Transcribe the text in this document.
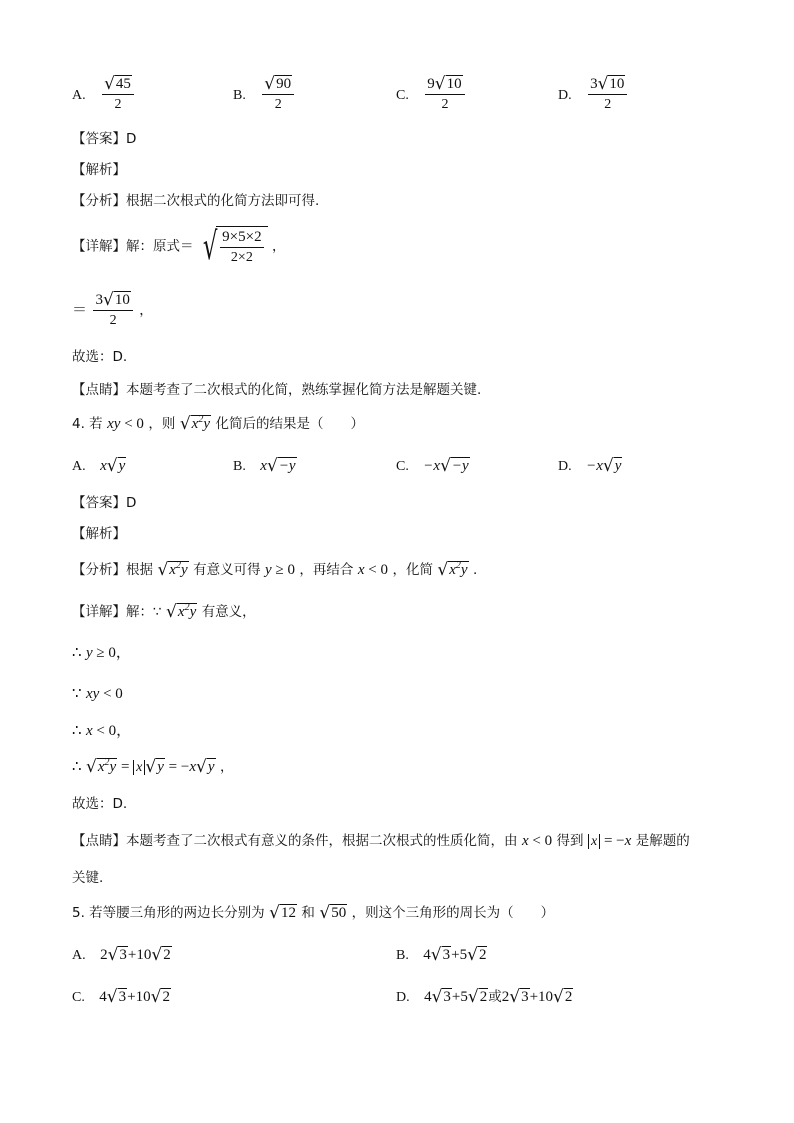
A. $\frac{√ 45}{2}$	B. $\frac{√ 90}{2}$	C. $\frac{9 √ 10}{2}$	D. $\frac{3 √ 10}{2}$
【答案】D
【解析】
【分析】根据二次根式的化简方法即可得.
【详解】解：原式＝ √ $\frac{9\times 5\times 2}{2\times 2}$ ，
＝ $\frac{3 √ 10}{2}$ ，
故选：D.
【点睛】本题考查了二次根式的化简，熟练掌握化简方法是解题关键.
4. 若 xy < 0 ，则 √ $x^2y$ 化简后的结果是（　　）
A. x √ y	B. x √ −y	C. −x √ −y	D. −x √ y
【答案】D
【解析】
【分析】根据 √ $x^2y$ 有意义可得 y ≥ 0 ，再结合 x < 0 ，化简 √ $x^2y$ .
【详解】解：∵ √ $x^2y$ 有意义，
∴ y ≥ 0，
∵ xy < 0
∴ x < 0，
∴ √ $x^2y = x$ √ y = −x √ y ，
故选：D.
【点睛】本题考查了二次根式有意义的条件，根据二次根式的性质化简，由 x < 0 得到 x = −x 是解题的
关键.
5. 若等腰三角形的两边长分别为 √ 12 和 √ 50 ，则这个三角形的周长为（　　）
A. 2 √ 3 +10 √ 2	B. 4 √ 3 +5 √ 2
C. 4 √ 3 +10 √ 2	D. 4 √ 3 +5 √ 2 或2 √ 3 +10 √ 2
